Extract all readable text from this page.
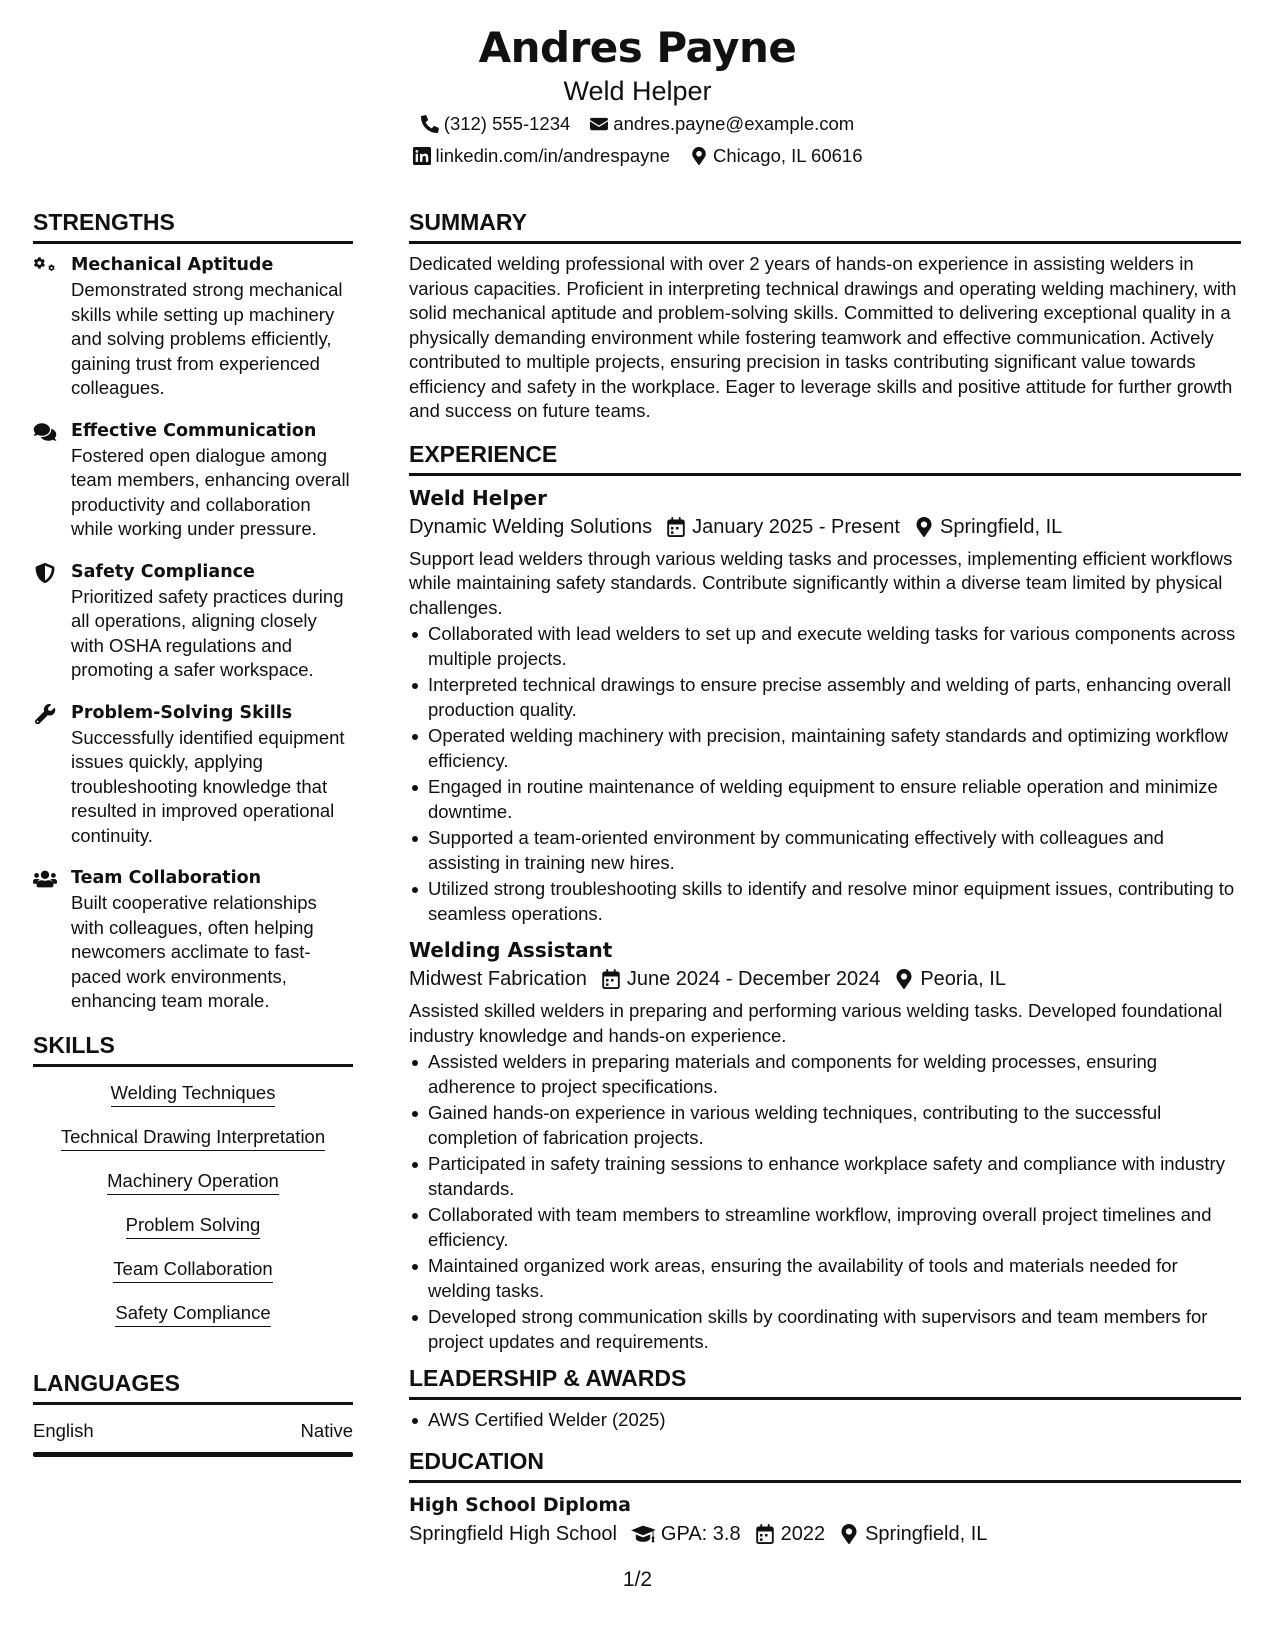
Andres Payne
Weld Helper
(312) 555-1234 andres.payne@example.com
linkedin.com/in/andrespayne Chicago, IL 60616
STRENGTHS
Mechanical Aptitude
Demonstrated strong mechanical skills while setting up machinery and solving problems efficiently, gaining trust from experienced colleagues.
Effective Communication
Fostered open dialogue among team members, enhancing overall productivity and collaboration while working under pressure.
Safety Compliance
Prioritized safety practices during all operations, aligning closely with OSHA regulations and promoting a safer workspace.
Problem-Solving Skills
Successfully identified equipment issues quickly, applying troubleshooting knowledge that resulted in improved operational continuity.
Team Collaboration
Built cooperative relationships with colleagues, often helping newcomers acclimate to fast-paced work environments, enhancing team morale.
SKILLS
Welding Techniques
Technical Drawing Interpretation
Machinery Operation
Problem Solving
Team Collaboration
Safety Compliance
LANGUAGES
English	Native
SUMMARY
Dedicated welding professional with over 2 years of hands-on experience in assisting welders in various capacities. Proficient in interpreting technical drawings and operating welding machinery, with solid mechanical aptitude and problem-solving skills. Committed to delivering exceptional quality in a physically demanding environment while fostering teamwork and effective communication. Actively contributed to multiple projects, ensuring precision in tasks contributing significant value towards efficiency and safety in the workplace. Eager to leverage skills and positive attitude for further growth and success on future teams.
EXPERIENCE
Weld Helper
Dynamic Welding Solutions January 2025 - Present Springfield, IL
Support lead welders through various welding tasks and processes, implementing efficient workflows while maintaining safety standards. Contribute significantly within a diverse team limited by physical challenges.
Collaborated with lead welders to set up and execute welding tasks for various components across multiple projects.
Interpreted technical drawings to ensure precise assembly and welding of parts, enhancing overall production quality.
Operated welding machinery with precision, maintaining safety standards and optimizing workflow efficiency.
Engaged in routine maintenance of welding equipment to ensure reliable operation and minimize downtime.
Supported a team-oriented environment by communicating effectively with colleagues and assisting in training new hires.
Utilized strong troubleshooting skills to identify and resolve minor equipment issues, contributing to seamless operations.
Welding Assistant
Midwest Fabrication June 2024 - December 2024 Peoria, IL
Assisted skilled welders in preparing and performing various welding tasks. Developed foundational industry knowledge and hands-on experience.
Assisted welders in preparing materials and components for welding processes, ensuring adherence to project specifications.
Gained hands-on experience in various welding techniques, contributing to the successful completion of fabrication projects.
Participated in safety training sessions to enhance workplace safety and compliance with industry standards.
Collaborated with team members to streamline workflow, improving overall project timelines and efficiency.
Maintained organized work areas, ensuring the availability of tools and materials needed for welding tasks.
Developed strong communication skills by coordinating with supervisors and team members for project updates and requirements.
LEADERSHIP & AWARDS
AWS Certified Welder (2025)
EDUCATION
High School Diploma
Springfield High School GPA: 3.8 2022 Springfield, IL
1/2
